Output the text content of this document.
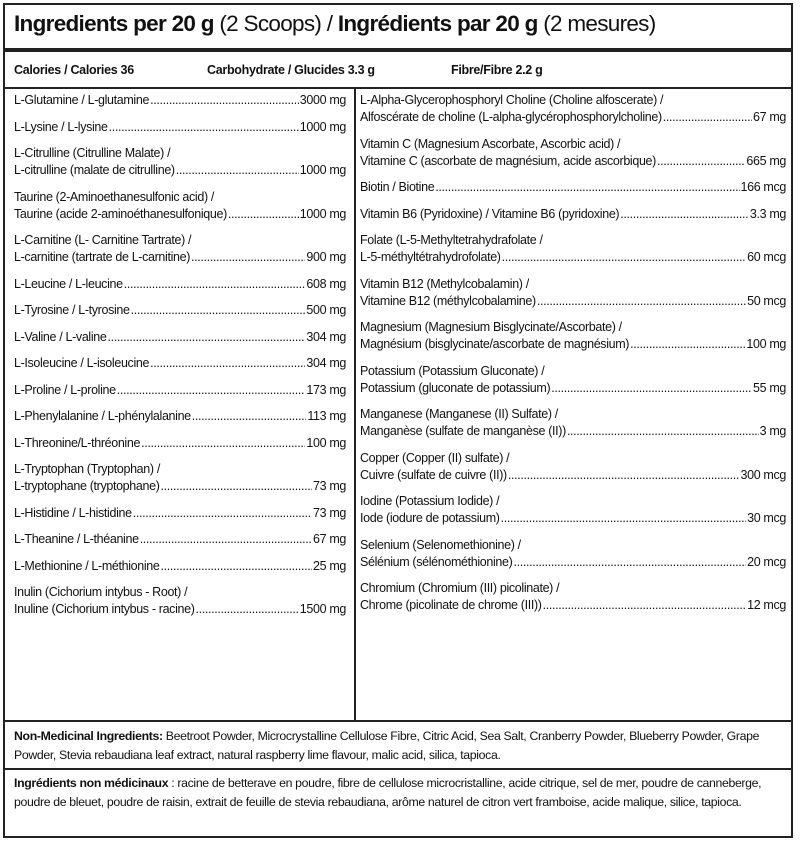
Ingredients per 20 g (2 Scoops) / Ingrédients par 20 g (2 mesures)
Calories / Calories 36	Carbohydrate / Glucides 3.3 g	Fibre/Fibre 2.2 g
L-Glutamine / L-glutamine .....	3000 mg
L-Lysine / L-lysine .....	1000 mg
L-Citrulline (Citrulline Malate) /
L-citrulline (malate de citrulline) .....	1000 mg
Taurine (2-Aminoethanesulfonic acid) /
Taurine (acide 2-aminoéthanesulfonique) .....	1000 mg
L-Carnitine (L- Carnitine Tartrate) /
L-carnitine (tartrate de L-carnitine) .....	900 mg
L-Leucine / L-leucine .....	608 mg
L-Tyrosine / L-tyrosine .....	500 mg
L-Valine / L-valine .....	304 mg
L-Isoleucine / L-isoleucine .....	304 mg
L-Proline / L-proline .....	173 mg
L-Phenylalanine / L-phénylalanine .....	113 mg
L-Threonine/L-thréonine .....	100 mg
L-Tryptophan (Tryptophan) /
L-tryptophane (tryptophane) .....	73 mg
L-Histidine / L-histidine .....	73 mg
L-Theanine / L-théanine .....	67 mg
L-Methionine / L-méthionine .....	25 mg
Inulin (Cichorium intybus - Root) /
Inuline (Cichorium intybus - racine) .....	1500 mg
L-Alpha-Glycerophosphoryl Choline (Choline alfoscerate) /
Alfoscérate de choline (L-alpha-glycérophosphorylcholine) .....	67 mg
Vitamin C (Magnesium Ascorbate, Ascorbic acid) /
Vitamine C (ascorbate de magnésium, acide ascorbique) .....	665 mg
Biotin / Biotine .....	166 mcg
Vitamin B6 (Pyridoxine) / Vitamine B6 (pyridoxine) .....	3.3 mg
Folate (L-5-Methyltetrahydrafolate /
L-5-méthyltétrahydrofolate) .....	60 mcg
Vitamin B12 (Methylcobalamin) /
Vitamine B12 (méthylcobalamine) .....	50 mcg
Magnesium (Magnesium Bisglycinate/Ascorbate) /
Magnésium (bisglycinate/ascorbate de magnésium) .....	100 mg
Potassium (Potassium Gluconate) /
Potassium (gluconate de potassium) .....	55 mg
Manganese (Manganese (II) Sulfate) /
Manganèse (sulfate de manganèse (II)) .....	3 mg
Copper (Copper (II) sulfate) /
Cuivre (sulfate de cuivre (II)) .....	300 mcg
Iodine (Potassium Iodide) /
Iode (iodure de potassium) .....	30 mcg
Selenium (Selenomethionine) /
Sélénium (sélénométhionine) .....	20 mcg
Chromium (Chromium (III) picolinate) /
Chrome (picolinate de chrome (III)) .....	12 mcg
Non-Medicinal Ingredients: Beetroot Powder, Microcrystalline Cellulose Fibre, Citric Acid, Sea Salt, Cranberry Powder, Blueberry Powder, Grape Powder, Stevia rebaudiana leaf extract, natural raspberry lime flavour, malic acid, silica, tapioca.
Ingrédients non médicinaux : racine de betterave en poudre, fibre de cellulose microcristalline, acide citrique, sel de mer, poudre de canneberge, poudre de bleuet, poudre de raisin, extrait de feuille de stevia rebaudiana, arôme naturel de citron vert framboise, acide malique, silice, tapioca.
